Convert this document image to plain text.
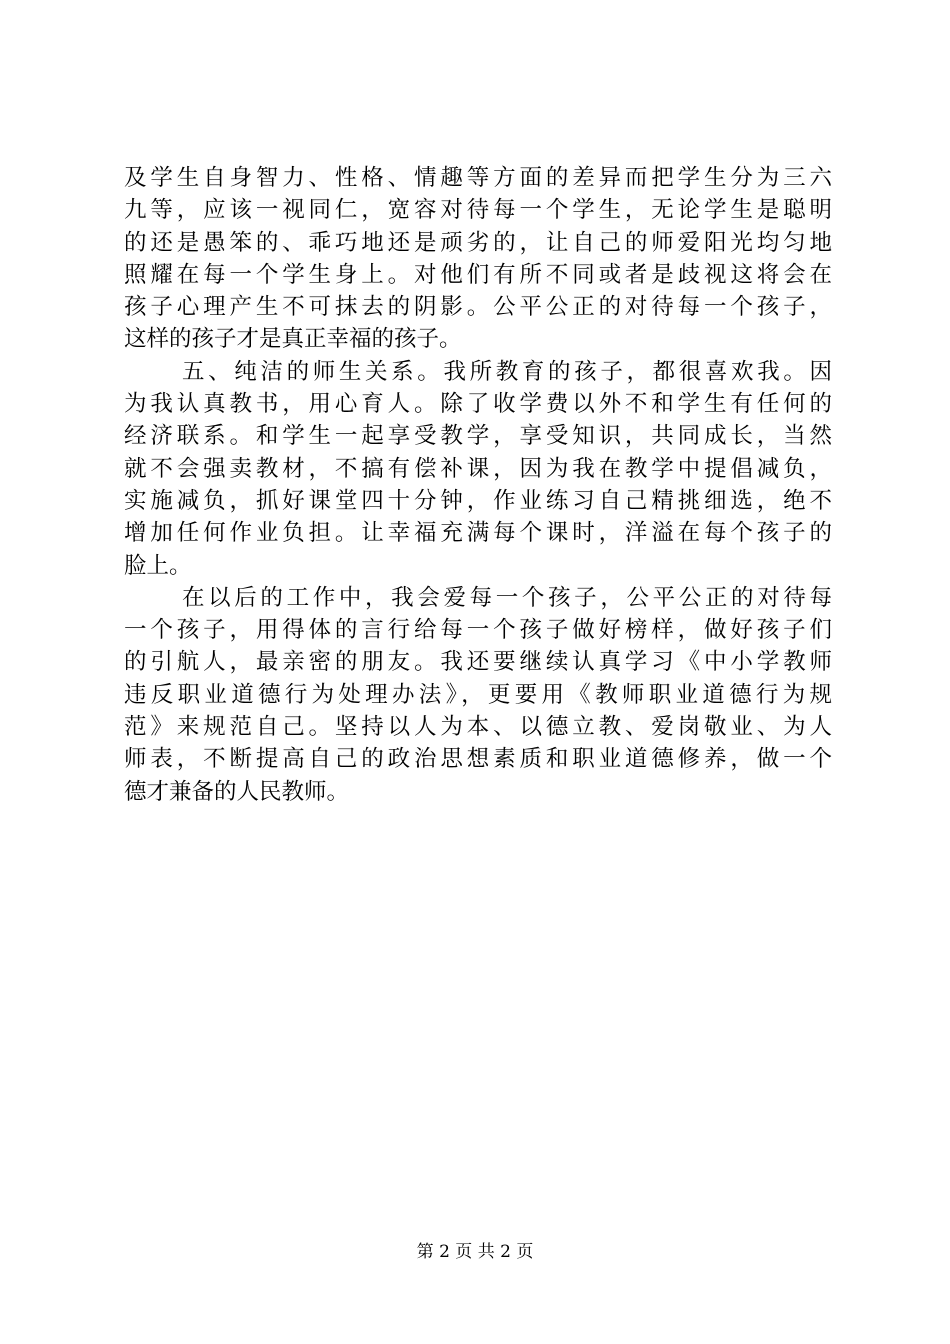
及学生自身智力、性格、情趣等方面的差异而把学生分为三六
九等，应该一视同仁，宽容对待每一个学生，无论学生是聪明
的还是愚笨的、乖巧地还是顽劣的，让自己的师爱阳光均匀地
照耀在每一个学生身上。对他们有所不同或者是歧视这将会在
孩子心理产生不可抹去的阴影。公平公正的对待每一个孩子，
这样的孩子才是真正幸福的孩子。
五、纯洁的师生关系。我所教育的孩子，都很喜欢我。因
为我认真教书，用心育人。除了收学费以外不和学生有任何的
经济联系。和学生一起享受教学，享受知识，共同成长，当然
就不会强卖教材，不搞有偿补课，因为我在教学中提倡减负，
实施减负，抓好课堂四十分钟，作业练习自己精挑细选，绝不
增加任何作业负担。让幸福充满每个课时，洋溢在每个孩子的
脸上。
在以后的工作中，我会爱每一个孩子，公平公正的对待每
一个孩子，用得体的言行给每一个孩子做好榜样，做好孩子们
的引航人，最亲密的朋友。我还要继续认真学习《中小学教师
违反职业道德行为处理办法》，更要用《教师职业道德行为规
范》来规范自己。坚持以人为本、以德立教、爱岗敬业、为人
师表，不断提高自己的政治思想素质和职业道德修养，做一个
德才兼备的人民教师。
第 2 页 共 2 页
